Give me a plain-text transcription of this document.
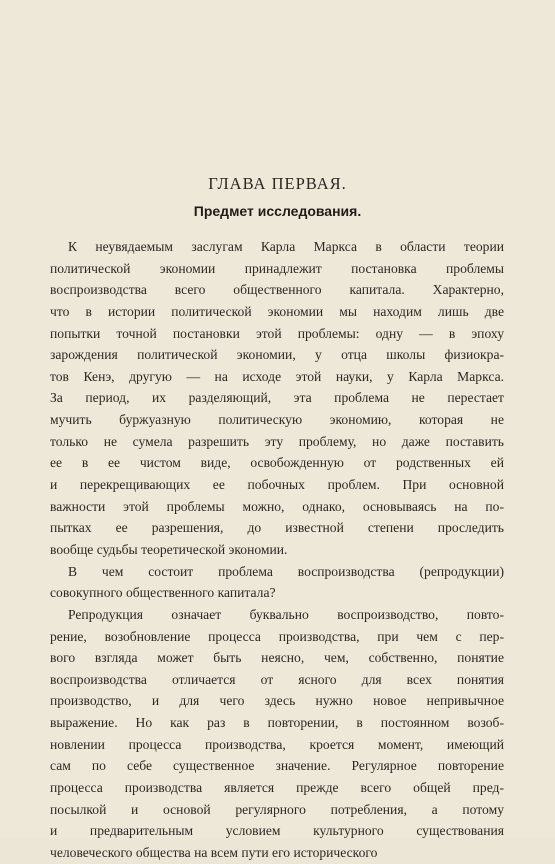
ГЛАВА ПЕРВАЯ.
Предмет исследования.
К неувядаемым заслугам Карла Маркса в области теории
политической экономии принадлежит постановка проблемы
воспроизводства всего общественного капитала. Характерно,
что в истории политической экономии мы находим лишь две
попытки точной постановки этой проблемы: одну — в эпоху
зарождения политической экономии, у отца школы физиокра-
тов Кенэ, другую — на исходе этой науки, у Карла Маркса.
За период, их разделяющий, эта проблема не перестает
мучить буржуазную политическую экономию, которая не
только не сумела разрешить эту проблему, но даже поставить
ее в ее чистом виде, освобожденную от родственных ей
и перекрещивающих ее побочных проблем. При основной
важности этой проблемы можно, однако, основываясь на по-
пытках ее разрешения, до известной степени проследить
вообще судьбы теоретической экономии.
В чем состоит проблема воспроизводства (репродукции)
совокупного общественного капитала?
Репродукция означает буквально воспроизводство, повто-
рение, возобновление процесса производства, при чем с пер-
вого взгляда может быть неясно, чем, собственно, понятие
воспроизводства отличается от ясного для всех понятия
производство, и для чего здесь нужно новое непривычное
выражение. Но как раз в повторении, в постоянном возоб-
новлении процесса производства, кроется момент, имеющий
сам по себе существенное значение. Регулярное повторение
процесса производства является прежде всего общей пред-
посылкой и основой регулярного потребления, а потому
и предварительным условием культурного существования
человеческого общества на всем пути его исторического
